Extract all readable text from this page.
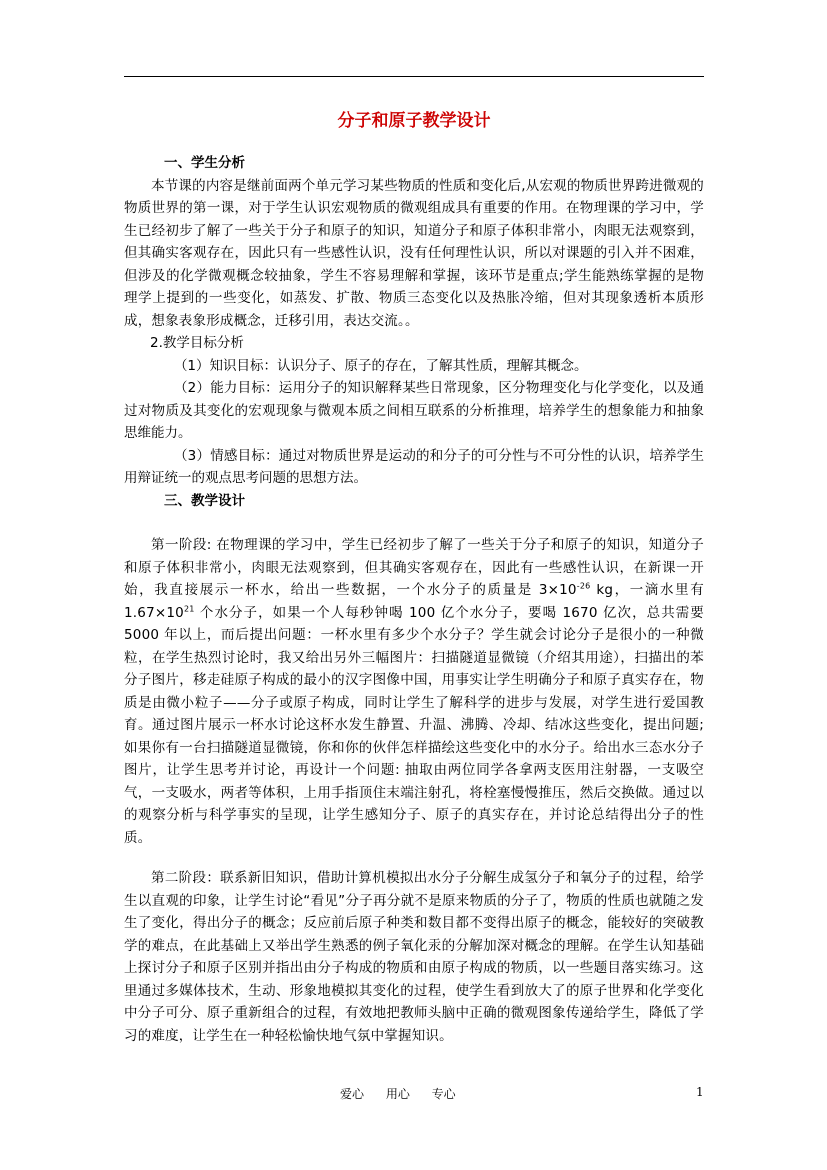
分子和原子教学设计
一、学生分析

本节课的内容是继前面两个单元学习某些物质的性质和变化后,从宏观的物质世界跨进微观的物质世界的第一课，对于学生认识宏观物质的微观组成具有重要的作用。在物理课的学习中，学生已经初步了解了一些关于分子和原子的知识，知道分子和原子体积非常小，肉眼无法观察到，但其确实客观存在，因此只有一些感性认识，没有任何理性认识，所以对课题的引入并不困难，但涉及的化学微观概念较抽象，学生不容易理解和掌握，该环节是重点;学生能熟练掌握的是物理学上提到的一些变化，如蒸发、扩散、物质三态变化以及热胀冷缩，但对其现象透析本质形成，想象表象形成概念，迁移引用，表达交流。。

2.教学目标分析

（1）知识目标：认识分子、原子的存在，了解其性质，理解其概念。

（2）能力目标：运用分子的知识解释某些日常现象，区分物理变化与化学变化，以及通过对物质及其变化的宏观现象与微观本质之间相互联系的分析推理，培养学生的想象能力和抽象思维能力。

（3）情感目标：通过对物质世界是运动的和分子的可分性与不可分性的认识，培养学生用辩证统一的观点思考问题的思想方法。

三、教学设计

第一阶段: 在物理课的学习中，学生已经初步了解了一些关于分子和原子的知识，知道分子和原子体积非常小，肉眼无法观察到，但其确实客观存在，因此有一些感性认识，在新课一开始，我直接展示一杯水，给出一些数据，一个水分子的质量是 $3\times 10^{-26}$ kg，一滴水里有 $1.67\times 10^{21}$ 个水分子，如果一个人每秒钟喝 100 亿个水分子，要喝 1670 亿次，总共需要 5000 年以上，而后提出问题：一杯水里有多少个水分子？学生就会讨论分子是很小的一种微粒，在学生热烈讨论时，我又给出另外三幅图片：扫描隧道显微镜（介绍其用途），扫描出的苯分子图片，移走硅原子构成的最小的汉字图像中国，用事实让学生明确分子和原子真实存在，物质是由微小粒子——分子或原子构成，同时让学生了解科学的进步与发展，对学生进行爱国教育。通过图片展示一杯水讨论这杯水发生静置、升温、沸腾、冷却、结冰这些变化，提出问题;如果你有一台扫描隧道显微镜，你和你的伙伴怎样描绘这些变化中的水分子。给出水三态水分子图片，让学生思考并讨论，再设计一个问题: 抽取由两位同学各拿两支医用注射器，一支吸空气，一支吸水，两者等体积，上用手指顶住末端注射孔，将栓塞慢慢推压，然后交换做。通过以的观察分析与科学事实的呈现，让学生感知分子、原子的真实存在，并讨论总结得出分子的性质。

第二阶段：联系新旧知识，借助计算机模拟出水分子分解生成氢分子和氧分子的过程，给学生以直观的印象，让学生讨论“看见”分子再分就不是原来物质的分子了，物质的性质也就随之发生了变化，得出分子的概念；反应前后原子种类和数目都不变得出原子的概念，能较好的突破教学的难点，在此基础上又举出学生熟悉的例子氧化汞的分解加深对概念的理解。在学生认知基础上探讨分子和原子区别并指出由分子构成的物质和由原子构成的物质，以一些题目落实练习。这里通过多媒体技术，生动、形象地模拟其变化的过程，使学生看到放大了的原子世界和化学变化中分子可分、原子重新组合的过程，有效地把教师头脑中正确的微观图象传递给学生，降低了学习的难度，让学生在一种轻松愉快地气氛中掌握知识。

爱心 用心 专心	1
